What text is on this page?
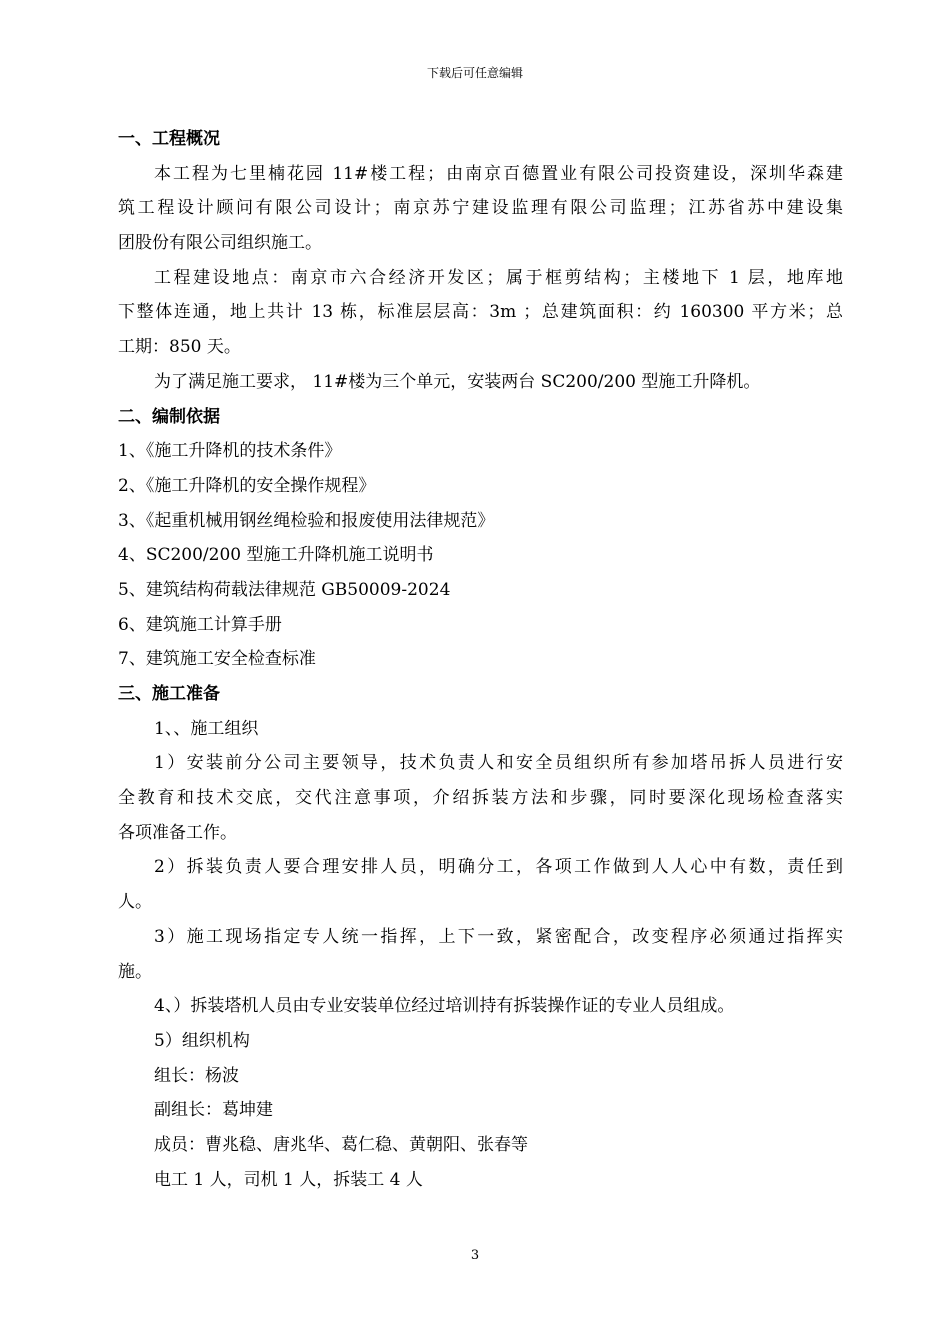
下载后可任意编辑
一、工程概况
本工程为七里楠花园 11#楼工程；由南京百德置业有限公司投资建设，深圳华森建
筑工程设计顾问有限公司设计；南京苏宁建设监理有限公司监理；江苏省苏中建设集
团股份有限公司组织施工。
工程建设地点：南京市六合经济开发区；属于框剪结构；主楼地下 1 层，地库地
下整体连通，地上共计 13 栋，标准层层高：3m ；总建筑面积：约 160300 平方米；总
工期：850 天。
为了满足施工要求， 11#楼为三个单元，安装两台 SC200/200 型施工升降机。
二、编制依据
1、《施工升降机的技术条件》
2、《施工升降机的安全操作规程》
3、《起重机械用钢丝绳检验和报废使用法律规范》
4、SC200/200 型施工升降机施工说明书
5、建筑结构荷载法律规范 GB50009-2024
6、建筑施工计算手册
7、建筑施工安全检查标准
三、施工准备
1、、施工组织
1）安装前分公司主要领导，技术负责人和安全员组织所有参加塔吊拆人员进行安
全教育和技术交底，交代注意事项，介绍拆装方法和步骤，同时要深化现场检查落实
各项准备工作。
2）拆装负责人要合理安排人员，明确分工，各项工作做到人人心中有数，责任到
人。
3）施工现场指定专人统一指挥，上下一致，紧密配合，改变程序必须通过指挥实
施。
4、）拆装塔机人员由专业安装单位经过培训持有拆装操作证的专业人员组成。
5）组织机构
组长：杨波
副组长：葛坤建
成员：曹兆稳、唐兆华、葛仁稳、黄朝阳、张春等
电工 1 人，司机 1 人，拆装工 4 人
3
